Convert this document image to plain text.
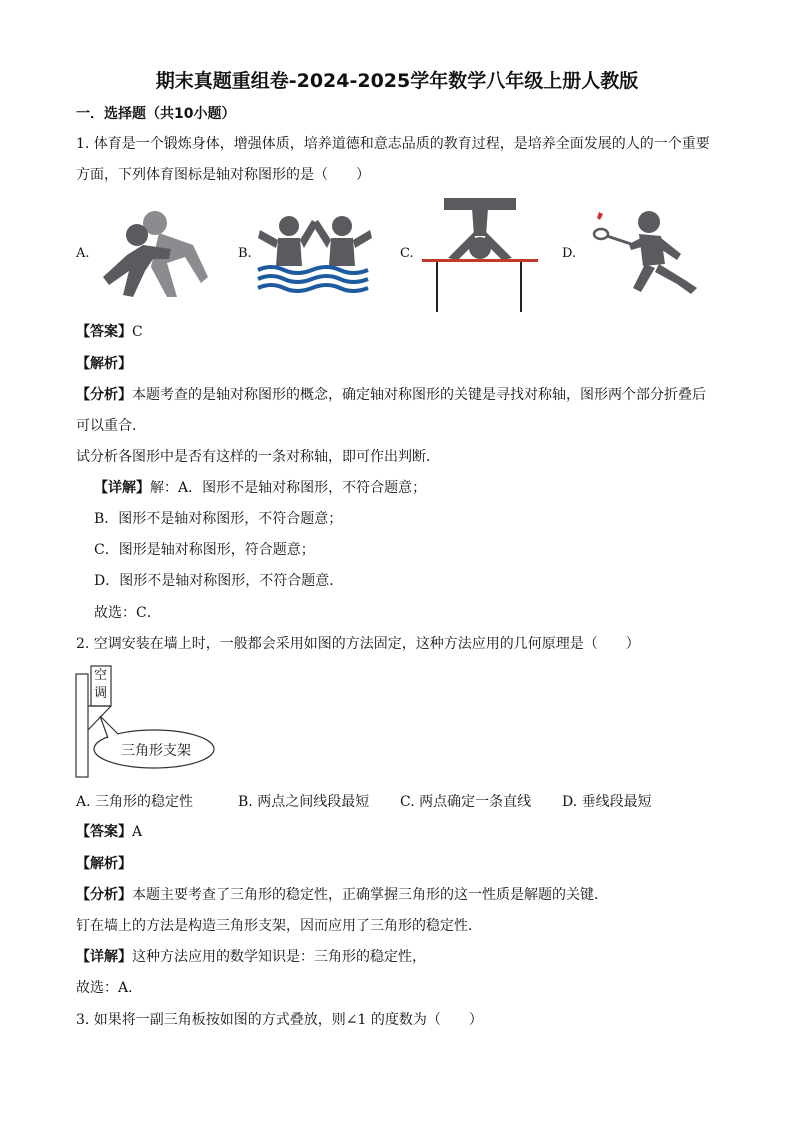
期末真题重组卷-2024-2025学年数学八年级上册人教版
一．选择题（共10小题）
1. 体育是一个锻炼身体，增强体质，培养道德和意志品质的教育过程，是培养全面发展的人的一个重要
方面，下列体育图标是轴对称图形的是（　　）
A.	B.	C.	D.
【答案】C
【解析】
【分析】本题考查的是轴对称图形的概念，确定轴对称图形的关键是寻找对称轴，图形两个部分折叠后
可以重合．
试分析各图形中是否有这样的一条对称轴，即可作出判断．
【详解】解：A．图形不是轴对称图形，不符合题意；
B．图形不是轴对称图形，不符合题意；
C．图形是轴对称图形，符合题意；
D．图形不是轴对称图形，不符合题意．
故选：C．
2. 空调安装在墙上时，一般都会采用如图的方法固定，这种方法应用的几何原理是（　　）
空
调
三角形支架
A. 三角形的稳定性	B. 两点之间线段最短 C. 两点确定一条直线 D. 垂线段最短
【答案】A
【解析】
【分析】本题主要考查了三角形的稳定性，正确掌握三角形的这一性质是解题的关键．
钉在墙上的方法是构造三角形支架，因而应用了三角形的稳定性．
【详解】这种方法应用的数学知识是：三角形的稳定性，
故选：A．
3. 如果将一副三角板按如图的方式叠放，则∠1 的度数为（　　）
